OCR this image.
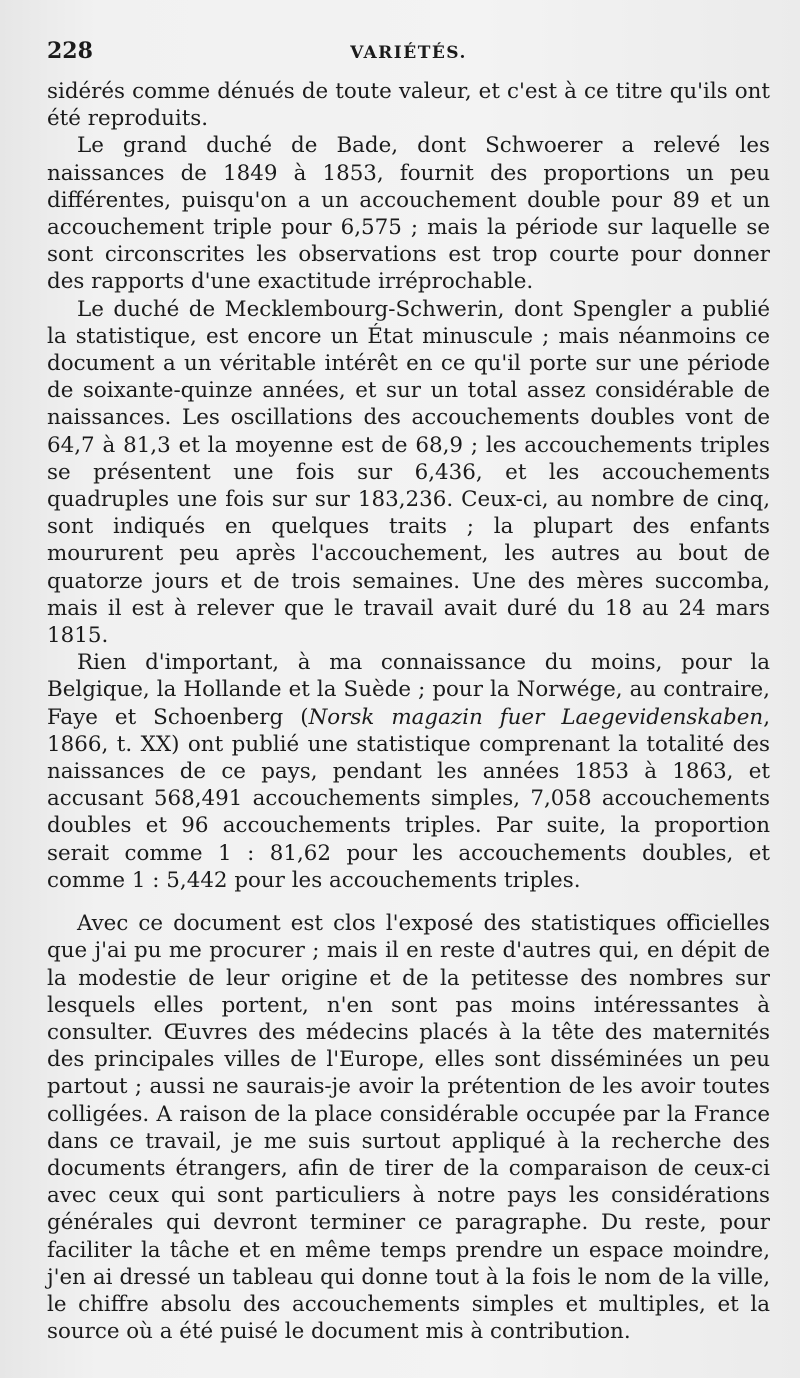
228	VARIÉTÉS.

sidérés comme dénués de toute valeur, et c'est à ce titre qu'ils ont été reproduits.

Le grand duché de Bade, dont Schwoerer a relevé les naissances de 1849 à 1853, fournit des proportions un peu différentes, puisqu'on a un accouchement double pour 89 et un accouchement triple pour 6,575 ; mais la période sur laquelle se sont circonscrites les observations est trop courte pour donner des rapports d'une exactitude irréprochable.

Le duché de Mecklembourg-Schwerin, dont Spengler a publié la statistique, est encore un État minuscule ; mais néanmoins ce document a un véritable intérêt en ce qu'il porte sur une période de soixante-quinze années, et sur un total assez considérable de naissances. Les oscillations des accouchements doubles vont de 64,7 à 81,3 et la moyenne est de 68,9 ; les accouchements triples se présentent une fois sur 6,436, et les accouchements quadruples une fois sur sur 183,236. Ceux-ci, au nombre de cinq, sont indiqués en quelques traits ; la plupart des enfants moururent peu après l'accouchement, les autres au bout de quatorze jours et de trois semaines. Une des mères succomba, mais il est à relever que le travail avait duré du 18 au 24 mars 1815.

Rien d'important, à ma connaissance du moins, pour la Belgique, la Hollande et la Suède ; pour la Norwége, au contraire, Faye et Schoenberg (Norsk magazin fuer Laegevidenskaben, 1866, t. XX) ont publié une statistique comprenant la totalité des naissances de ce pays, pendant les années 1853 à 1863, et accusant 568,491 accouchements simples, 7,058 accouchements doubles et 96 accouchements triples. Par suite, la proportion serait comme 1 : 81,62 pour les accouchements doubles, et comme 1 : 5,442 pour les accouchements triples.

Avec ce document est clos l'exposé des statistiques officielles que j'ai pu me procurer ; mais il en reste d'autres qui, en dépit de la modestie de leur origine et de la petitesse des nombres sur lesquels elles portent, n'en sont pas moins intéressantes à consulter. Œuvres des médecins placés à la tête des maternités des principales villes de l'Europe, elles sont disséminées un peu partout ; aussi ne saurais-je avoir la prétention de les avoir toutes colligées. A raison de la place considérable occupée par la France dans ce travail, je me suis surtout appliqué à la recherche des documents étrangers, afin de tirer de la comparaison de ceux-ci avec ceux qui sont particuliers à notre pays les considérations générales qui devront terminer ce paragraphe. Du reste, pour faciliter la tâche et en même temps prendre un espace moindre, j'en ai dressé un tableau qui donne tout à la fois le nom de la ville, le chiffre absolu des accouchements simples et multiples, et la source où a été puisé le document mis à contribution.
